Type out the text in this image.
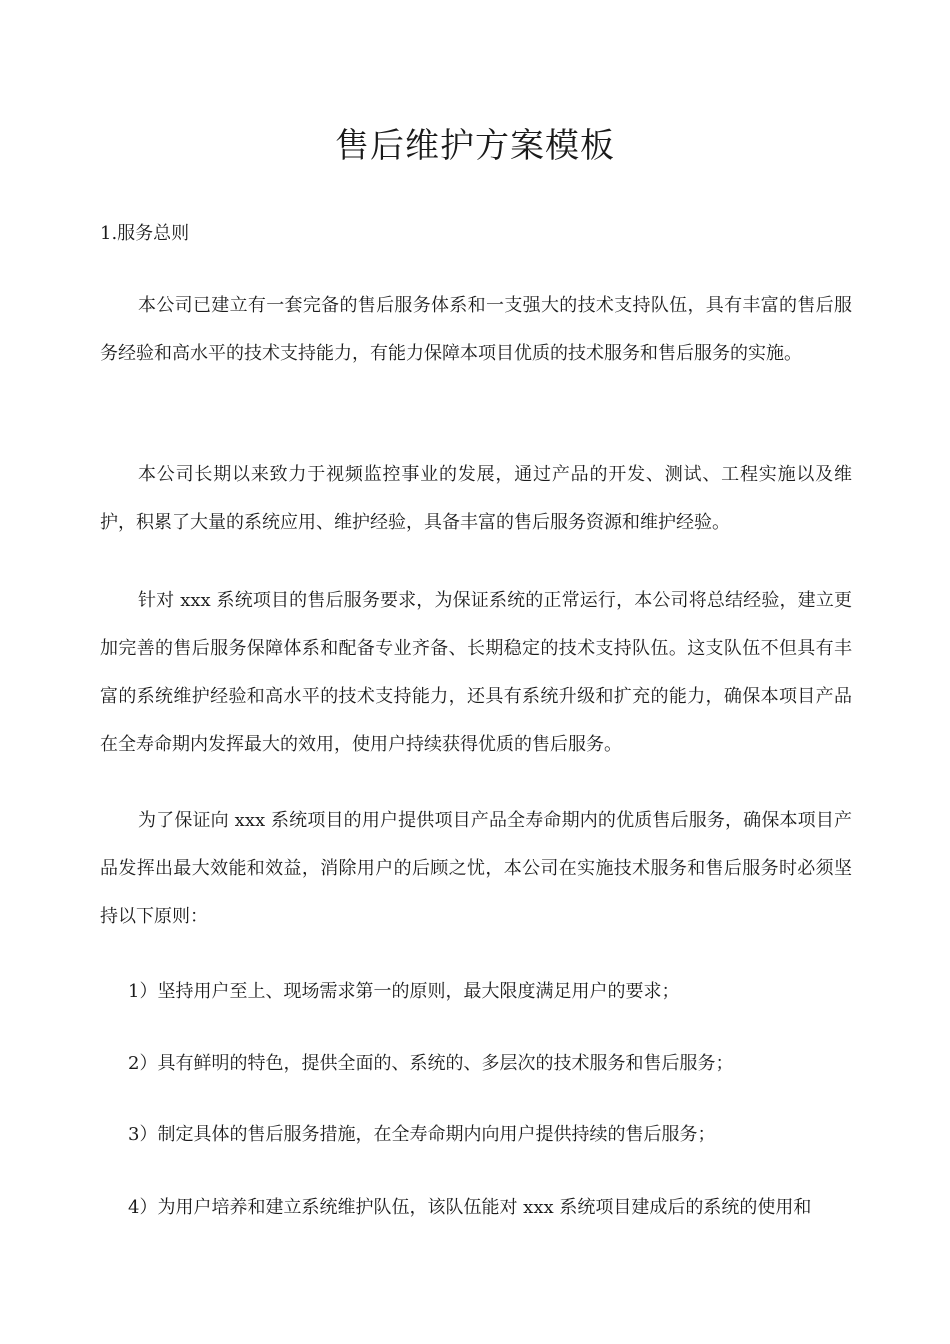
售后维护方案模板

1.服务总则

本公司已建立有一套完备的售后服务体系和一支强大的技术支持队伍，具有丰富的售后服务经验和高水平的技术支持能力，有能力保障本项目优质的技术服务和售后服务的实施。

本公司长期以来致力于视频监控事业的发展，通过产品的开发、测试、工程实施以及维护，积累了大量的系统应用、维护经验，具备丰富的售后服务资源和维护经验。

针对 xxx 系统项目的售后服务要求，为保证系统的正常运行，本公司将总结经验，建立更加完善的售后服务保障体系和配备专业齐备、长期稳定的技术支持队伍。这支队伍不但具有丰富的系统维护经验和高水平的技术支持能力，还具有系统升级和扩充的能力，确保本项目产品在全寿命期内发挥最大的效用，使用户持续获得优质的售后服务。

为了保证向 xxx 系统项目的用户提供项目产品全寿命期内的优质售后服务，确保本项目产品发挥出最大效能和效益，消除用户的后顾之忧，本公司在实施技术服务和售后服务时必须坚持以下原则：

1）坚持用户至上、现场需求第一的原则，最大限度满足用户的要求；

2）具有鲜明的特色，提供全面的、系统的、多层次的技术服务和售后服务；

3）制定具体的售后服务措施，在全寿命期内向用户提供持续的售后服务；

4）为用户培养和建立系统维护队伍，该队伍能对 xxx 系统项目建成后的系统的使用和
